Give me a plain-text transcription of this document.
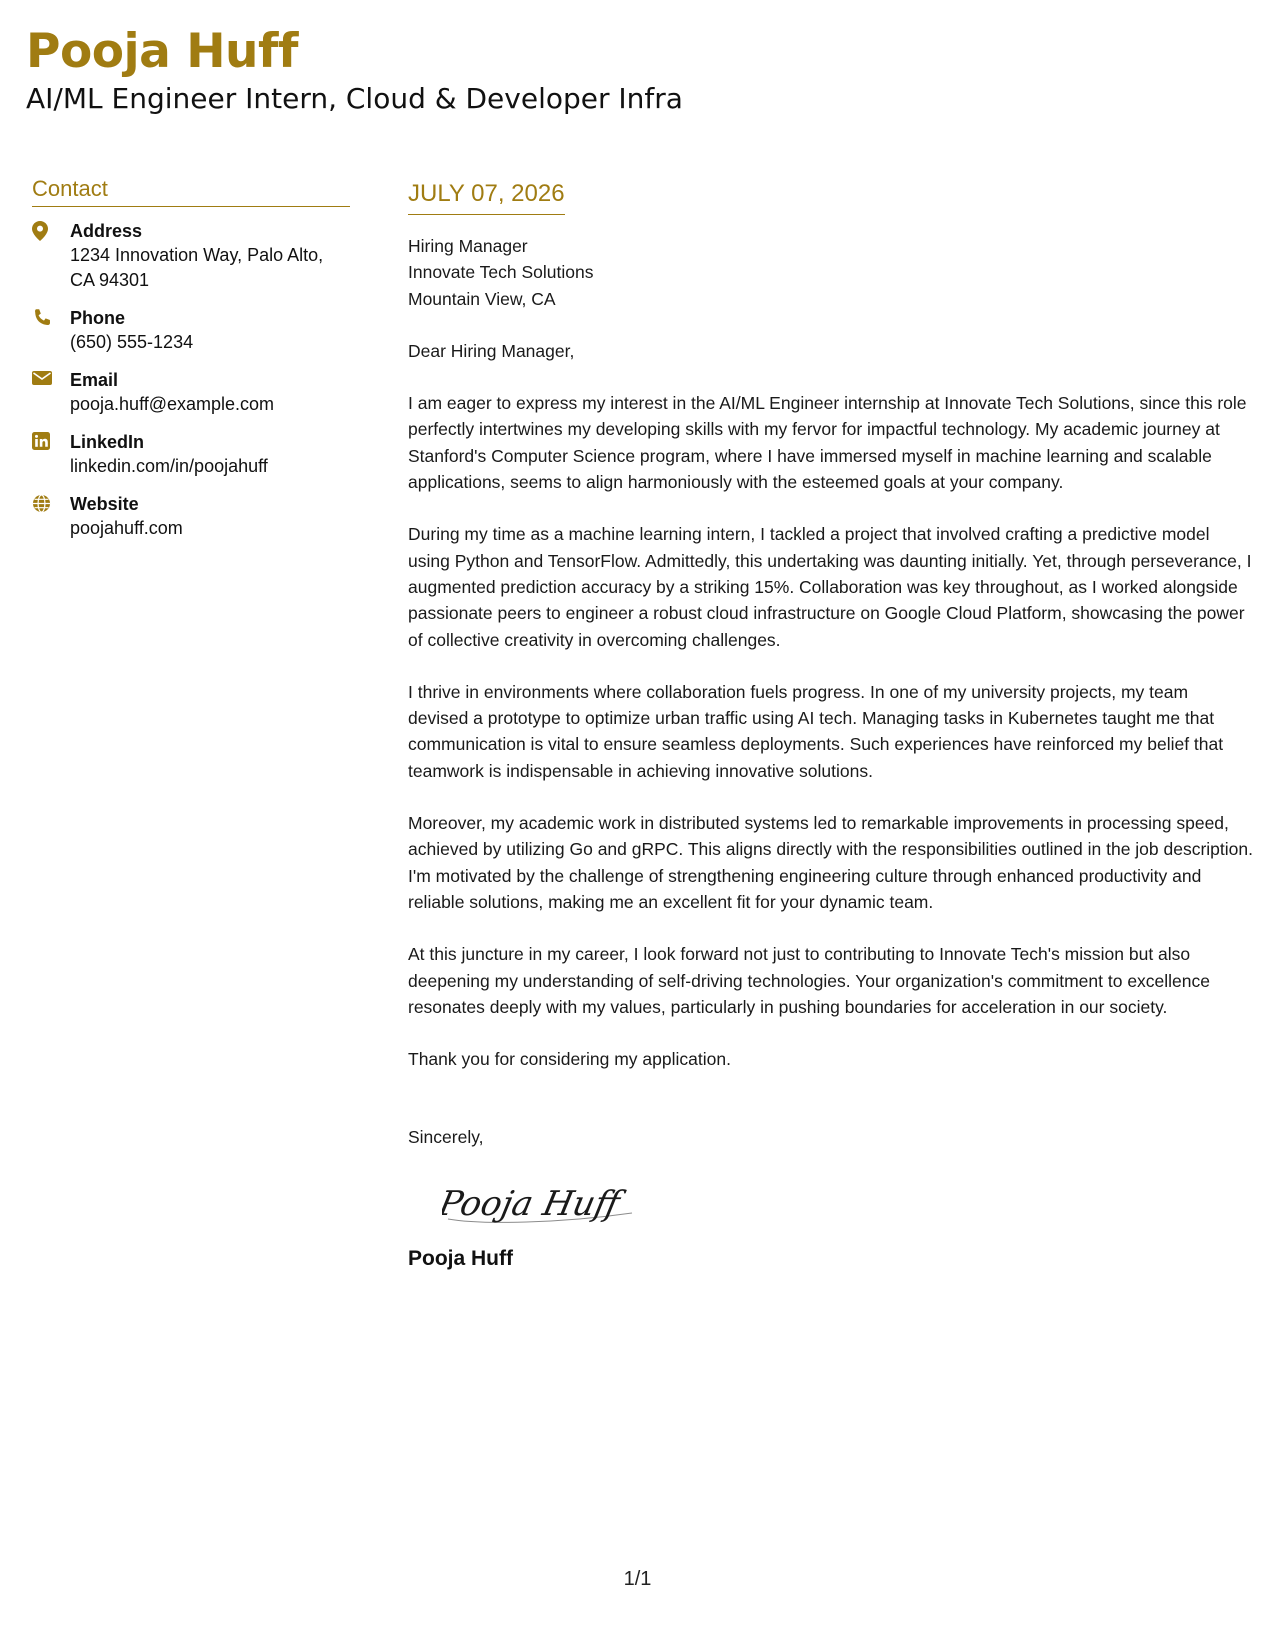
Pooja Huff
AI/ML Engineer Intern, Cloud & Developer Infra
Contact
Address
1234 Innovation Way, Palo Alto, CA 94301
Phone
(650) 555-1234
Email
pooja.huff@example.com
LinkedIn
linkedin.com/in/poojahuff
Website
poojahuff.com
JULY 07, 2026
Hiring Manager
Innovate Tech Solutions
Mountain View, CA
Dear Hiring Manager,
I am eager to express my interest in the AI/ML Engineer internship at Innovate Tech Solutions, since this role perfectly intertwines my developing skills with my fervor for impactful technology. My academic journey at Stanford's Computer Science program, where I have immersed myself in machine learning and scalable applications, seems to align harmoniously with the esteemed goals at your company.
During my time as a machine learning intern, I tackled a project that involved crafting a predictive model using Python and TensorFlow. Admittedly, this undertaking was daunting initially. Yet, through perseverance, I augmented prediction accuracy by a striking 15%. Collaboration was key throughout, as I worked alongside passionate peers to engineer a robust cloud infrastructure on Google Cloud Platform, showcasing the power of collective creativity in overcoming challenges.
I thrive in environments where collaboration fuels progress. In one of my university projects, my team devised a prototype to optimize urban traffic using AI tech. Managing tasks in Kubernetes taught me that communication is vital to ensure seamless deployments. Such experiences have reinforced my belief that teamwork is indispensable in achieving innovative solutions.
Moreover, my academic work in distributed systems led to remarkable improvements in processing speed, achieved by utilizing Go and gRPC. This aligns directly with the responsibilities outlined in the job description. I'm motivated by the challenge of strengthening engineering culture through enhanced productivity and reliable solutions, making me an excellent fit for your dynamic team.
At this juncture in my career, I look forward not just to contributing to Innovate Tech's mission but also deepening my understanding of self-driving technologies. Your organization's commitment to excellence resonates deeply with my values, particularly in pushing boundaries for acceleration in our society.
Thank you for considering my application.
Sincerely,
Pooja Huff
Pooja Huff
1/1
